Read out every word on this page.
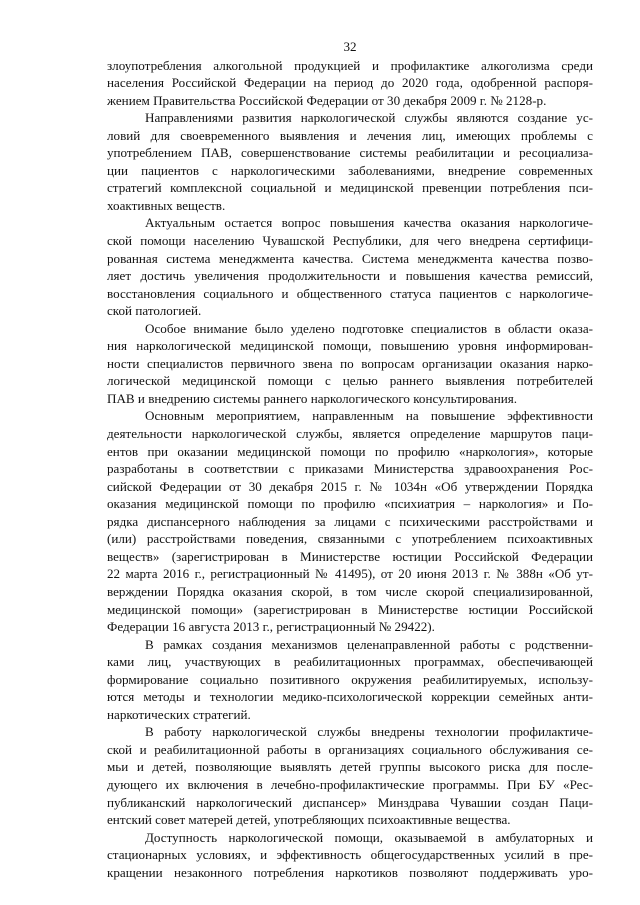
32

злоупотребления алкогольной продукцией и профилактике алкоголизма среди
населения Российской Федерации на период до 2020 года, одобренной распоря-
жением Правительства Российской Федерации от 30 декабря 2009 г. № 2128-р.

Направлениями развития наркологической службы являются создание ус-
ловий для своевременного выявления и лечения лиц, имеющих проблемы с
употреблением ПАВ, совершенствование системы реабилитации и ресоциализа-
ции пациентов с наркологическими заболеваниями, внедрение современных
стратегий комплексной социальной и медицинской превенции потребления пси-
хоактивных веществ.

Актуальным остается вопрос повышения качества оказания наркологиче-
ской помощи населению Чувашской Республики, для чего внедрена сертифици-
рованная система менеджмента качества. Система менеджмента качества позво-
ляет достичь увеличения продолжительности и повышения качества ремиссий,
восстановления социального и общественного статуса пациентов с наркологиче-
ской патологией.

Особое внимание было уделено подготовке специалистов в области оказа-
ния наркологической медицинской помощи, повышению уровня информирован-
ности специалистов первичного звена по вопросам организации оказания нарко-
логической медицинской помощи с целью раннего выявления потребителей
ПАВ и внедрению системы раннего наркологического консультирования.

Основным мероприятием, направленным на повышение эффективности
деятельности наркологической службы, является определение маршрутов паци-
ентов при оказании медицинской помощи по профилю «наркология», которые
разработаны в соответствии с приказами Министерства здравоохранения Рос-
сийской Федерации от 30 декабря 2015 г. № 1034н «Об утверждении Порядка
оказания медицинской помощи по профилю «психиатрия – наркология» и По-
рядка диспансерного наблюдения за лицами с психическими расстройствами и
(или) расстройствами поведения, связанными с употреблением психоактивных
веществ» (зарегистрирован в Министерстве юстиции Российской Федерации
22 марта 2016 г., регистрационный № 41495), от 20 июня 2013 г. № 388н «Об ут-
верждении Порядка оказания скорой, в том числе скорой специализированной,
медицинской помощи» (зарегистрирован в Министерстве юстиции Российской
Федерации 16 августа 2013 г., регистрационный № 29422).

В рамках создания механизмов целенаправленной работы с родственни-
ками лиц, участвующих в реабилитационных программах, обеспечивающей
формирование социально позитивного окружения реабилитируемых, использу-
ются методы и технологии медико-психологической коррекции семейных анти-
наркотических стратегий.

В работу наркологической службы внедрены технологии профилактиче-
ской и реабилитационной работы в организациях социального обслуживания се-
мьи и детей, позволяющие выявлять детей группы высокого риска для после-
дующего их включения в лечебно-профилактические программы. При БУ «Рес-
публиканский наркологический диспансер» Минздрава Чувашии создан Паци-
ентский совет матерей детей, употребляющих психоактивные вещества.

Доступность наркологической помощи, оказываемой в амбулаторных и
стационарных условиях, и эффективность общегосударственных усилий в пре-
кращении незаконного потребления наркотиков позволяют поддерживать уро-
